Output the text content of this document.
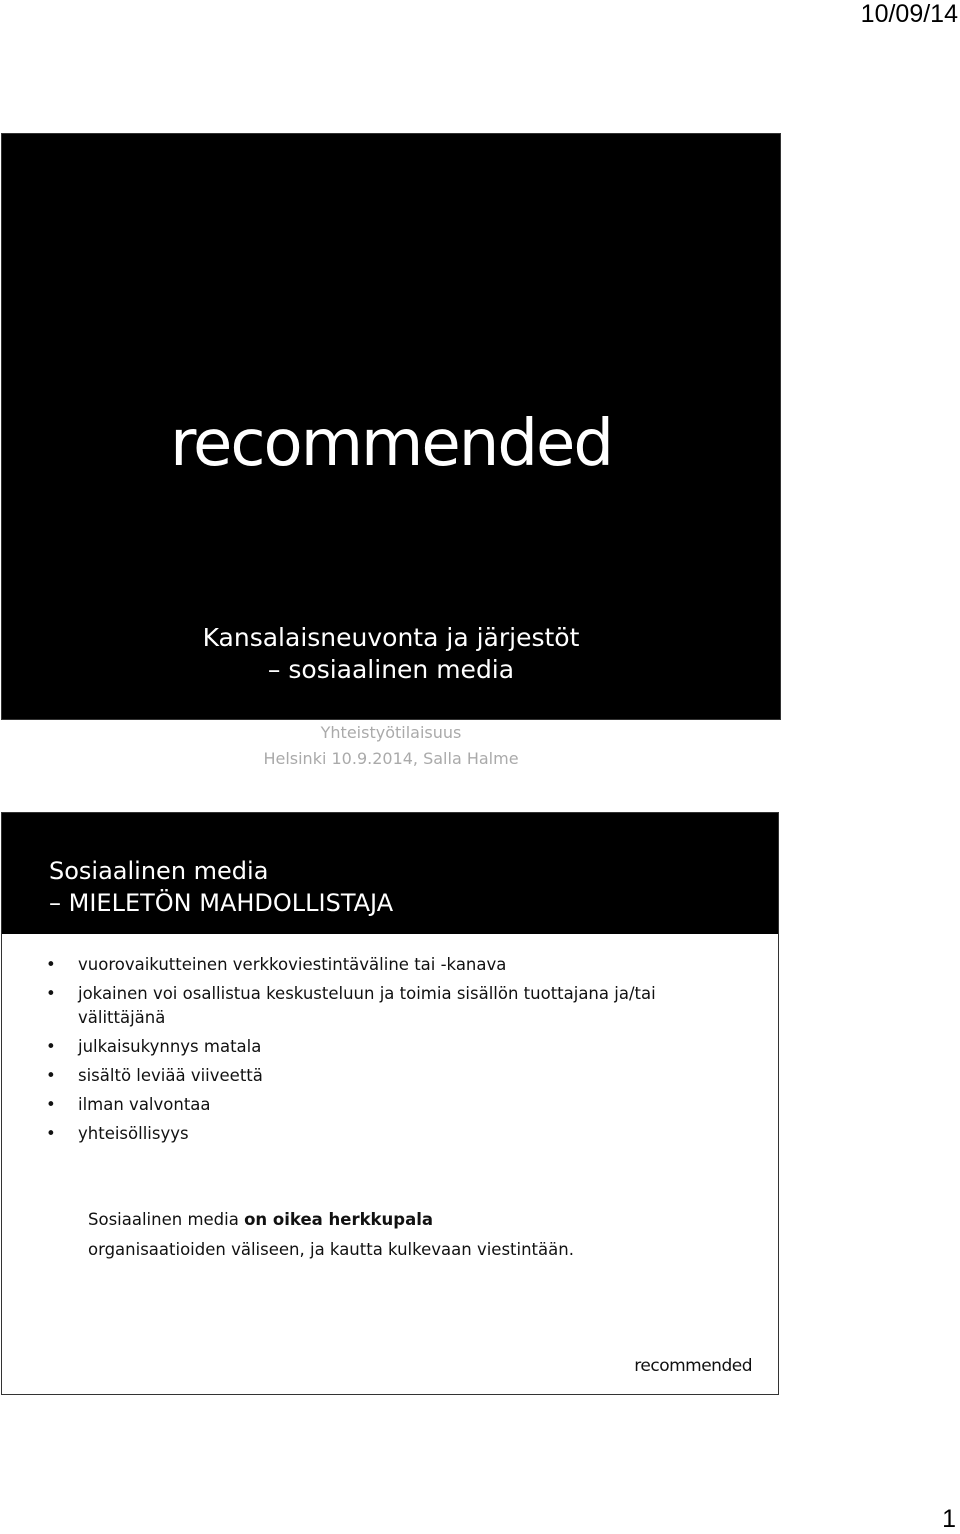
10/09/14
recommended
Kansalaisneuvonta ja järjestöt
– sosiaalinen media
Yhteistyötilaisuus
Helsinki 10.9.2014, Salla Halme
Sosiaalinen media
– MIELETÖN MAHDOLLISTAJA
• vuorovaikutteinen verkkoviestintäväline tai -kanava
• jokainen voi osallistua keskusteluun ja toimia sisällön tuottajana ja/tai välittäjänä
• julkaisukynnys matala
• sisältö leviää viiveettä
• ilman valvontaa
• yhteisöllisyys
Sosiaalinen media on oikea herkkupala
organisaatioiden väliseen, ja kautta kulkevaan viestintään.
recommended
1
